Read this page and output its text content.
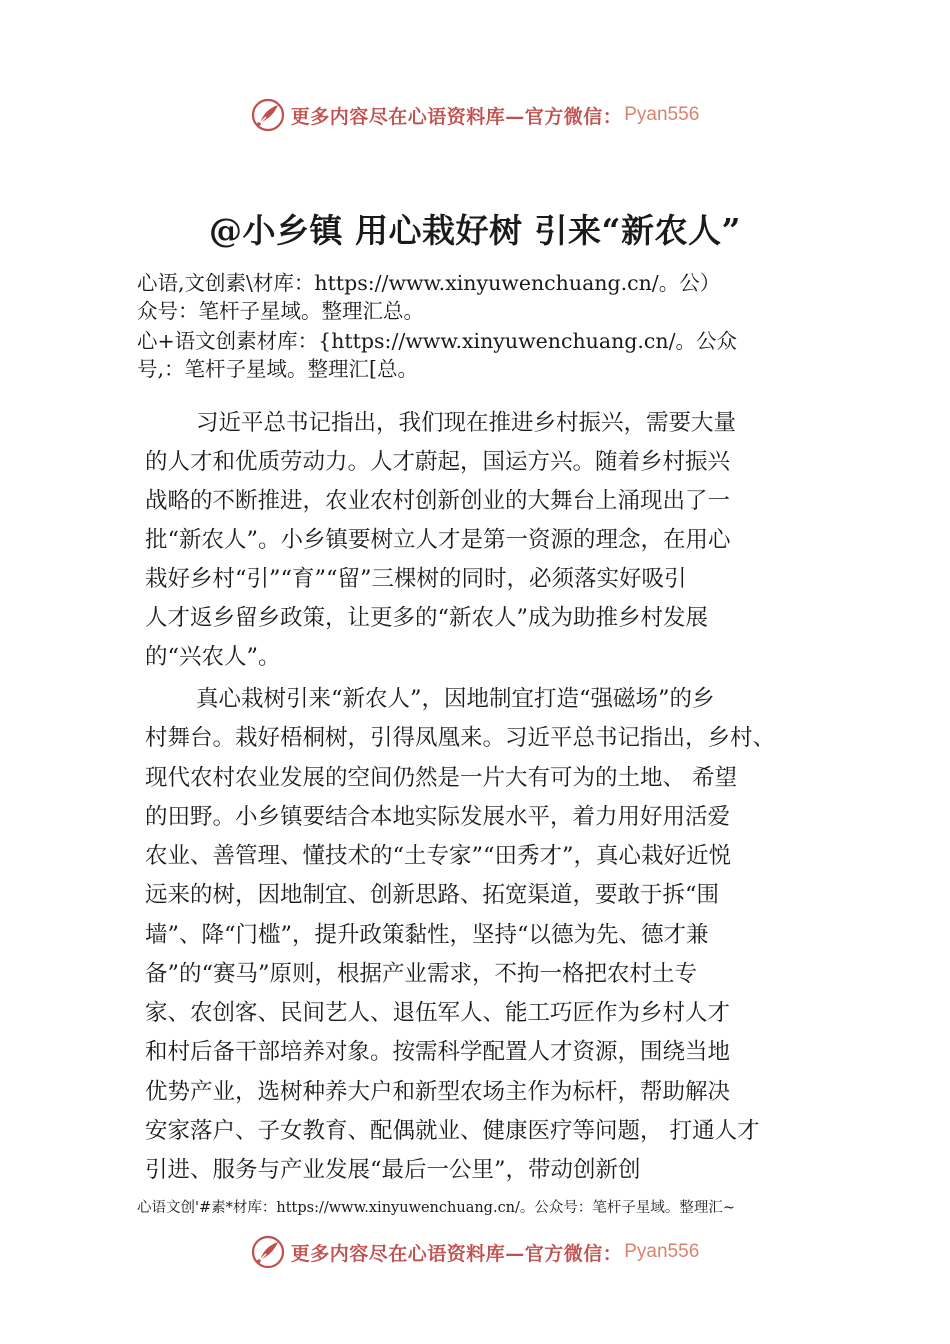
更多内容尽在心语资料库—官方微信： Pyan556
@小乡镇 用心栽好树 引来“新农人”
心语,文创素\材库：https://www.xinyuwenchuang.cn/。公）
众号：笔杆子星域。整理汇总。
心+语文创素材库：{https://www.xinyuwenchuang.cn/。公众
号,：笔杆子星域。整理汇[总。
习近平总书记指出，我们现在推进乡村振兴，需要大量
的人才和优质劳动力。人才蔚起，国运方兴。随着乡村振兴
战略的不断推进，农业农村创新创业的大舞台上涌现出了一
批“新农人”。小乡镇要树立人才是第一资源的理念，在用心
栽好乡村“引”“育”“留”三棵树的同时，必须落实好吸引
人才返乡留乡政策，让更多的“新农人”成为助推乡村发展
的“兴农人”。
真心栽树引来“新农人”，因地制宜打造“强磁场”的乡
村舞台。栽好梧桐树，引得凤凰来。习近平总书记指出，乡村、
现代农村农业发展的空间仍然是一片大有可为的土地、 希望
的田野。小乡镇要结合本地实际发展水平，着力用好用活爱
农业、善管理、懂技术的“土专家”“田秀才”，真心栽好近悦
远来的树，因地制宜、创新思路、拓宽渠道，要敢于拆“围
墙”、降“门槛”，提升政策黏性，坚持“以德为先、德才兼
备”的“赛马”原则，根据产业需求，不拘一格把农村土专
家、农创客、民间艺人、退伍军人、能工巧匠作为乡村人才
和村后备干部培养对象。按需科学配置人才资源，围绕当地
优势产业，选树种养大户和新型农场主作为标杆，帮助解决
安家落户、子女教育、配偶就业、健康医疗等问题， 打通人才
引进、服务与产业发展“最后一公里”，带动创新创
心语文创'#素*材库：https://www.xinyuwenchuang.cn/。公众号：笔杆子星域。整理汇~
更多内容尽在心语资料库—官方微信： Pyan556
